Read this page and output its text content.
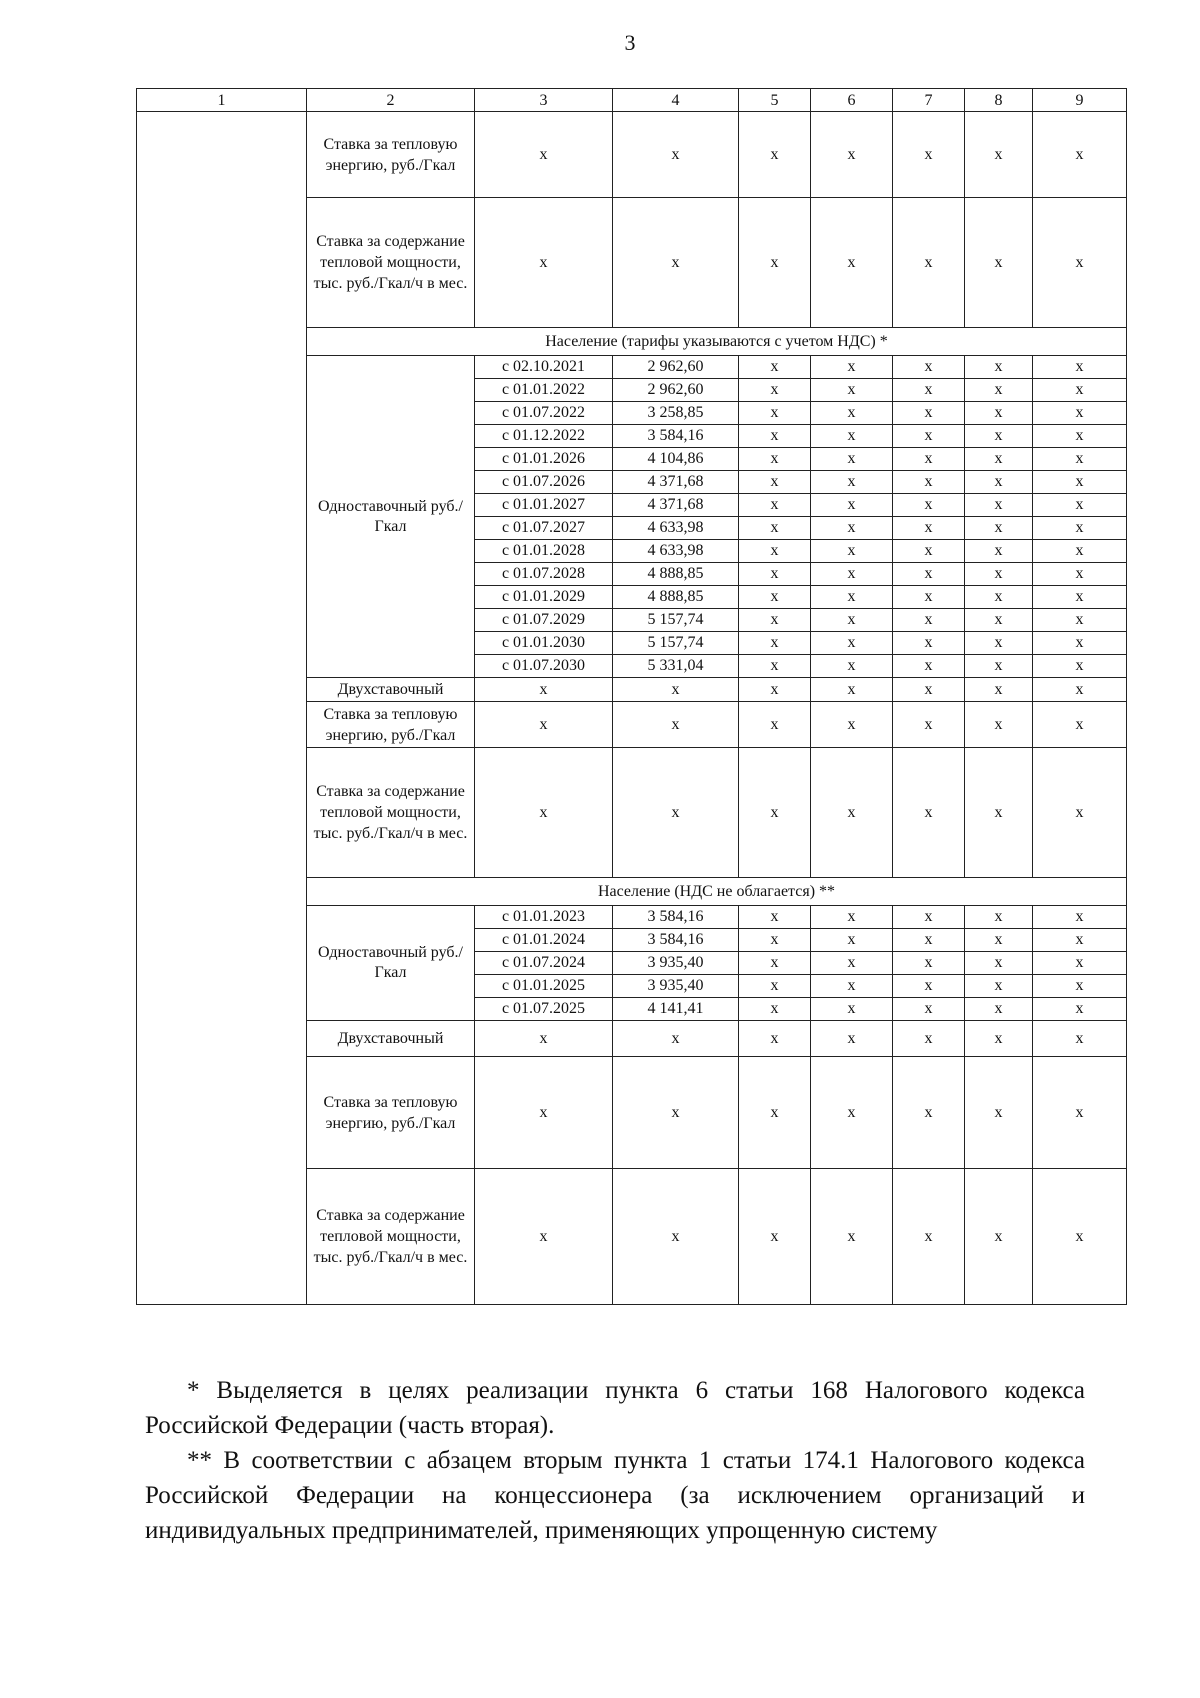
3
1	2	3	4	5	6	7	8	9
	Ставка за тепловую энергию, руб./Гкал	x	x	x	x	x	x	x
	Ставка за содержание тепловой мощности, тыс. руб./Гкал/ч в мес.	x	x	x	x	x	x	x
	Население (тарифы указываются с учетом НДС) *							
	Одноставочный руб./Гкал	с 02.10.2021	2 962,60	x	x	x	x	x
		с 01.01.2022	2 962,60	x	x	x	x	x
		с 01.07.2022	3 258,85	x	x	x	x	x
		с 01.12.2022	3 584,16	x	x	x	x	x
		с 01.01.2026	4 104,86	x	x	x	x	x
		с 01.07.2026	4 371,68	x	x	x	x	x
		с 01.01.2027	4 371,68	x	x	x	x	x
		с 01.07.2027	4 633,98	x	x	x	x	x
		с 01.01.2028	4 633,98	x	x	x	x	x
		с 01.07.2028	4 888,85	x	x	x	x	x
		с 01.01.2029	4 888,85	x	x	x	x	x
		с 01.07.2029	5 157,74	x	x	x	x	x
		с 01.01.2030	5 157,74	x	x	x	x	x
		с 01.07.2030	5 331,04	x	x	x	x	x
	Двухставочный	x	x	x	x	x	x	x
	Ставка за тепловую энергию, руб./Гкал	x	x	x	x	x	x	x
	Ставка за содержание тепловой мощности, тыс. руб./Гкал/ч в мес.	x	x	x	x	x	x	x
	Население (НДС не облагается) **							
	Одноставочный руб./Гкал	с 01.01.2023	3 584,16	x	x	x	x	x
		с 01.01.2024	3 584,16	x	x	x	x	x
		с 01.07.2024	3 935,40	x	x	x	x	x
		с 01.01.2025	3 935,40	x	x	x	x	x
		с 01.07.2025	4 141,41	x	x	x	x	x
	Двухставочный	x	x	x	x	x	x	x
	Ставка за тепловую энергию, руб./Гкал	x	x	x	x	x	x	x
	Ставка за содержание тепловой мощности, тыс. руб./Гкал/ч в мес.	x	x	x	x	x	x	x

* Выделяется в целях реализации пункта 6 статьи 168 Налогового кодекса Российской Федерации (часть вторая).

** В соответствии с абзацем вторым пункта 1 статьи 174.1 Налогового кодекса Российской Федерации на концессионера (за исключением организаций и индивидуальных предпринимателей, применяющих упрощенную систему
